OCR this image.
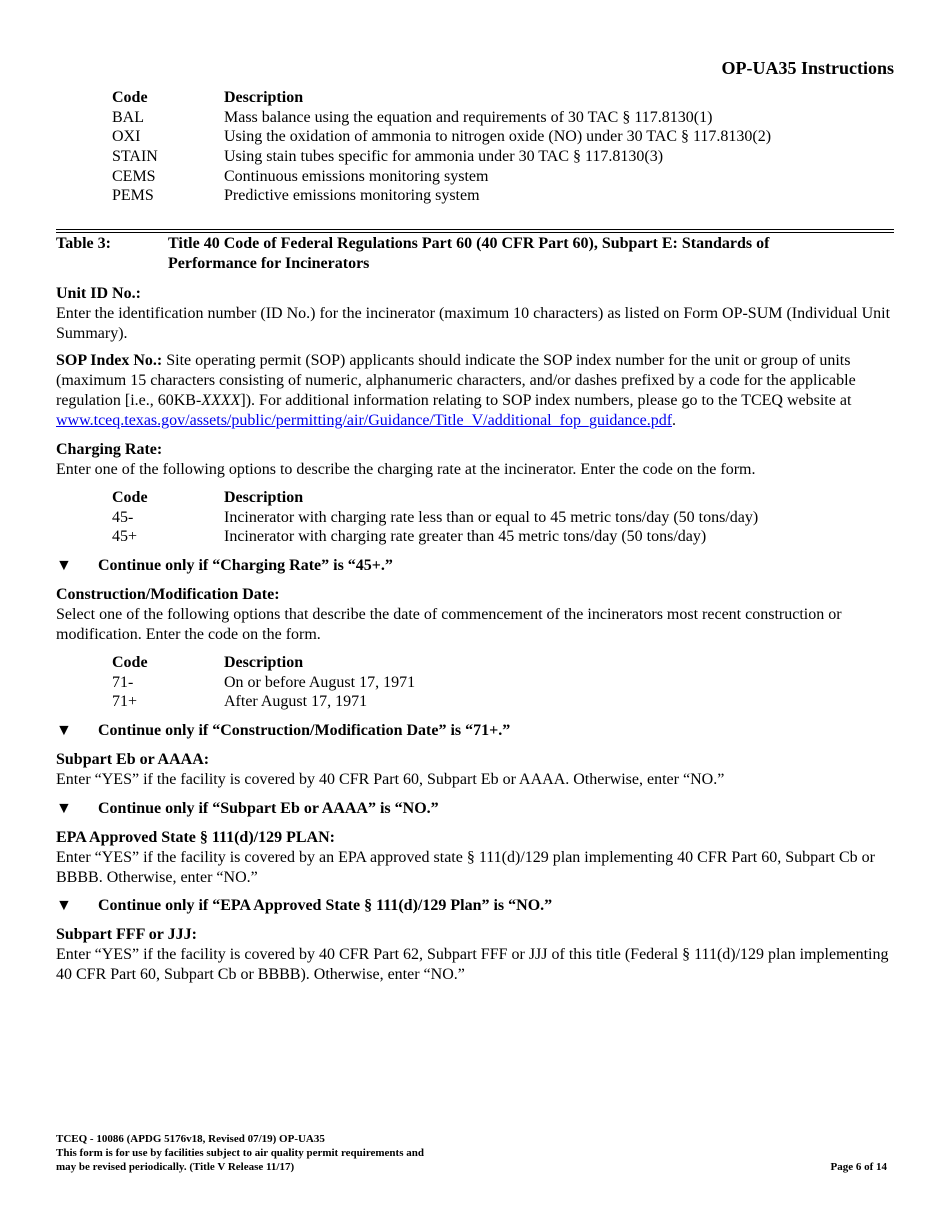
OP-UA35 Instructions
Code	Description
BAL	Mass balance using the equation and requirements of 30 TAC § 117.8130(1)
OXI	Using the oxidation of ammonia to nitrogen oxide (NO) under 30 TAC § 117.8130(2)
STAIN	Using stain tubes specific for ammonia under 30 TAC § 117.8130(3)
CEMS	Continuous emissions monitoring system
PEMS	Predictive emissions monitoring system
Table 3:	Title 40 Code of Federal Regulations Part 60 (40 CFR Part 60), Subpart E: Standards of Performance for Incinerators
Unit ID No.:
Enter the identification number (ID No.) for the incinerator (maximum 10 characters) as listed on Form OP-SUM (Individual Unit Summary).
SOP Index No.: Site operating permit (SOP) applicants should indicate the SOP index number for the unit or group of units (maximum 15 characters consisting of numeric, alphanumeric characters, and/or dashes prefixed by a code for the applicable regulation [i.e., 60KB-XXXX]). For additional information relating to SOP index numbers, please go to the TCEQ website at www.tceq.texas.gov/assets/public/permitting/air/Guidance/Title_V/additional_fop_guidance.pdf.
Charging Rate:
Enter one of the following options to describe the charging rate at the incinerator. Enter the code on the form.
Code	Description
45-	Incinerator with charging rate less than or equal to 45 metric tons/day (50 tons/day)
45+	Incinerator with charging rate greater than 45 metric tons/day (50 tons/day)
▼ Continue only if “Charging Rate” is “45+.”
Construction/Modification Date:
Select one of the following options that describe the date of commencement of the incinerators most recent construction or modification. Enter the code on the form.
Code	Description
71-	On or before August 17, 1971
71+	After August 17, 1971
▼ Continue only if “Construction/Modification Date” is “71+.”
Subpart Eb or AAAA:
Enter “YES” if the facility is covered by 40 CFR Part 60, Subpart Eb or AAAA. Otherwise, enter “NO.”
▼ Continue only if “Subpart Eb or AAAA” is “NO.”
EPA Approved State § 111(d)/129 PLAN:
Enter “YES” if the facility is covered by an EPA approved state § 111(d)/129 plan implementing 40 CFR Part 60, Subpart Cb or BBBB. Otherwise, enter “NO.”
▼ Continue only if “EPA Approved State § 111(d)/129 Plan” is “NO.”
Subpart FFF or JJJ:
Enter “YES” if the facility is covered by 40 CFR Part 62, Subpart FFF or JJJ of this title (Federal § 111(d)/129 plan implementing 40 CFR Part 60, Subpart Cb or BBBB). Otherwise, enter “NO.”
TCEQ - 10086 (APDG 5176v18, Revised 07/19) OP-UA35
This form is for use by facilities subject to air quality permit requirements and
may be revised periodically. (Title V Release 11/17)	Page 6 of 14
